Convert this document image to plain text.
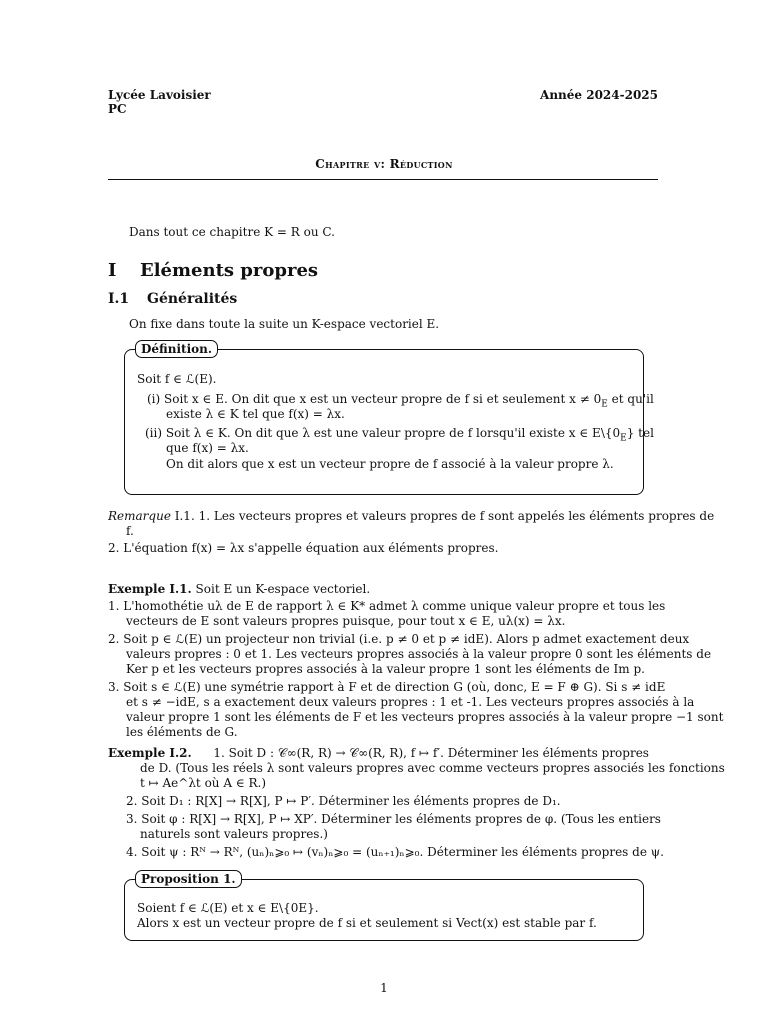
Lycée Lavoisier
PC
Année 2024-2025
Chapitre v: Réduction
Dans tout ce chapitre K = R ou C.
I Eléments propres
I.1 Généralités
On fixe dans toute la suite un K-espace vectoriel E.
Définition.
Soit f ∈ ℒ(E).
(i) Soit x ∈ E. On dit que x est un vecteur propre de f si et seulement $x \ne 0_E$ et qu'il
existe λ ∈ K tel que f(x) = λx.
(ii) Soit λ ∈ K. On dit que λ est une valeur propre de f lorsqu'il existe x ∈ $E\backslash\{0_E\}$ tel
que f(x) = λx.
On dit alors que x est un vecteur propre de f associé à la valeur propre λ.
Remarque I.1. 1. Les vecteurs propres et valeurs propres de f sont appelés les éléments propres de
f.
2. L'équation f(x) = λx s'appelle équation aux éléments propres.
Exemple I.1. Soit E un K-espace vectoriel.
1. L'homothétie uλ de E de rapport λ ∈ K* admet λ comme unique valeur propre et tous les
vecteurs de E sont valeurs propres puisque, pour tout x ∈ E, uλ(x) = λx.
2. Soit p ∈ ℒ(E) un projecteur non trivial (i.e. p ≠ 0 et p ≠ idE). Alors p admet exactement deux
valeurs propres : 0 et 1. Les vecteurs propres associés à la valeur propre 0 sont les éléments de
Ker p et les vecteurs propres associés à la valeur propre 1 sont les éléments de Im p.
3. Soit s ∈ ℒ(E) une symétrie rapport à F et de direction G (où, donc, E = F ⊕ G). Si s ≠ idE
et s ≠ −idE, s a exactement deux valeurs propres : 1 et -1. Les vecteurs propres associés à la
valeur propre 1 sont les éléments de F et les vecteurs propres associés à la valeur propre −1 sont
les éléments de G.
Exemple I.2. 1. Soit D : 𝒞∞(R, R) → 𝒞∞(R, R), f ↦ f′. Déterminer les éléments propres
de D. (Tous les réels λ sont valeurs propres avec comme vecteurs propres associés les fonctions
t ↦ Ae^λt où A ∈ R.)
2. Soit D₁ : R[X] → R[X], P ↦ P′. Déterminer les éléments propres de D₁.
3. Soit φ : R[X] → R[X], P ↦ XP′. Déterminer les éléments propres de φ. (Tous les entiers
naturels sont valeurs propres.)
4. Soit ψ : Rᴺ → Rᴺ, (uₙ)ₙ⩾₀ ↦ (vₙ)ₙ⩾₀ = (uₙ₊₁)ₙ⩾₀. Déterminer les éléments propres de ψ.
Proposition 1.
Soient f ∈ ℒ(E) et x ∈ E\{0E}.
Alors x est un vecteur propre de f si et seulement si Vect(x) est stable par f.
1
